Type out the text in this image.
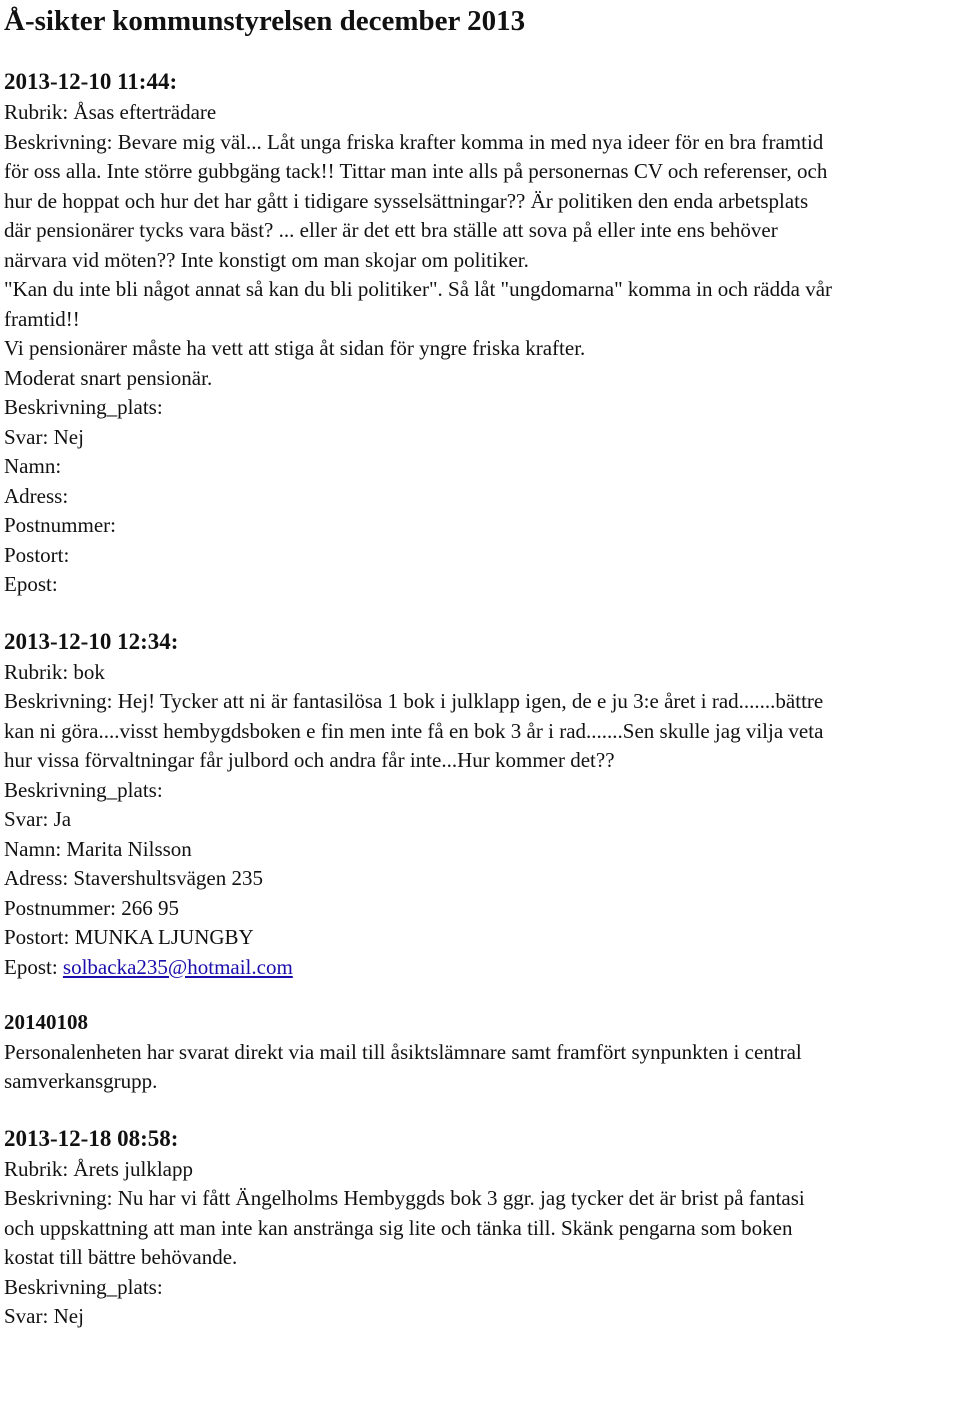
Å-sikter kommunstyrelsen december 2013

2013-12-10 11:44:

Rubrik: Åsas efterträdare

Beskrivning: Bevare mig väl... Låt unga friska krafter komma in med nya ideer för en bra framtid för oss alla. Inte större gubbgäng tack!! Tittar man inte alls på personernas CV och referenser, och hur de hoppat och hur det har gått i tidigare sysselsättningar?? Är politiken den enda arbetsplats där pensionärer tycks vara bäst? ... eller är det ett bra ställe att sova på eller inte ens behöver närvara vid möten?? Inte konstigt om man skojar om politiker.

"Kan du inte bli något annat så kan du bli politiker". Så låt "ungdomarna" komma in och rädda vår framtid!!

Vi pensionärer måste ha vett att stiga åt sidan för yngre friska krafter.

Moderat snart pensionär.

Beskrivning_plats:

Svar: Nej

Namn:

Adress:

Postnummer:

Postort:

Epost:

2013-12-10 12:34:

Rubrik: bok

Beskrivning: Hej! Tycker att ni är fantasilösa 1 bok i julklapp igen, de e ju 3:e året i rad.......bättre kan ni göra....visst hembygdsboken e fin men inte få en bok 3 år i rad.......Sen skulle jag vilja veta hur vissa förvaltningar får julbord och andra får inte...Hur kommer det??

Beskrivning_plats:

Svar: Ja

Namn: Marita Nilsson

Adress: Stavershultsvägen 235

Postnummer: 266 95

Postort: MUNKA LJUNGBY

Epost: solbacka235@hotmail.com

20140108

Personalenheten har svarat direkt via mail till åsiktslämnare samt framfört synpunkten i central samverkansgrupp.

2013-12-18 08:58:

Rubrik: Årets julklapp

Beskrivning: Nu har vi fått Ängelholms Hembyggds bok 3 ggr. jag tycker det är brist på fantasi och uppskattning att man inte kan anstränga sig lite och tänka till. Skänk pengarna som boken kostat till bättre behövande.

Beskrivning_plats:

Svar: Nej
